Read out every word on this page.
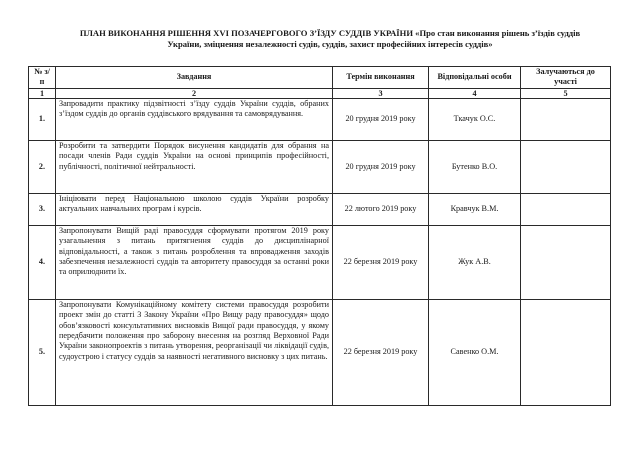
ПЛАН ВИКОНАННЯ РІШЕННЯ XVI ПОЗАЧЕРГОВОГО З’ЇЗДУ СУДДІВ УКРАЇНИ «Про стан виконання рішень з’їздів суддів України, зміцнення незалежності судів, суддів, захист професійних інтересів суддів»
№ з/п	Завдання	Термін виконання	Відповідальні особи	Залучаються до участі
1	2	3	4	5
1.	Запровадити практику підзвітності з’їзду суддів України суддів, обраних з’їздом суддів до органів суддівського врядування та самоврядування.	20 грудня 2019 року	Ткачук О.С.	
2.	Розробити та затвердити Порядок висунення кандидатів для обрання на посади членів Ради суддів України на основі принципів професійності, публічності, політичної нейтральності.	20 грудня 2019 року	Бутенко В.О.	
3.	Ініціювати перед Національною школою суддів України розробку актуальних навчальних програм і курсів.	22 лютого 2019 року	Кравчук В.М.	
4.	Запропонувати Вищій раді правосуддя сформувати протягом 2019 року узагальнення з питань притягнення суддів до дисциплінарної відповідальності, а також з питань розроблення та впровадження заходів забезпечення незалежності суддів та авторитету правосуддя за останні роки та оприлюднити їх.	22 березня 2019 року	Жук А.В.	
5.	Запропонувати Комунікаційному комітету системи правосуддя розробити проект змін до статті 3 Закону України «Про Вищу раду правосуддя» щодо обов’язковості консультативних висновків Вищої ради правосуддя, у якому передбачити положення про заборону внесення на розгляд Верховної Ради України законопроектів з питань утворення, реорганізації чи ліквідації судів, судоустрою і статусу суддів за наявності негативного висновку з цих питань.	22 березня 2019 року	Савенко О.М.	
